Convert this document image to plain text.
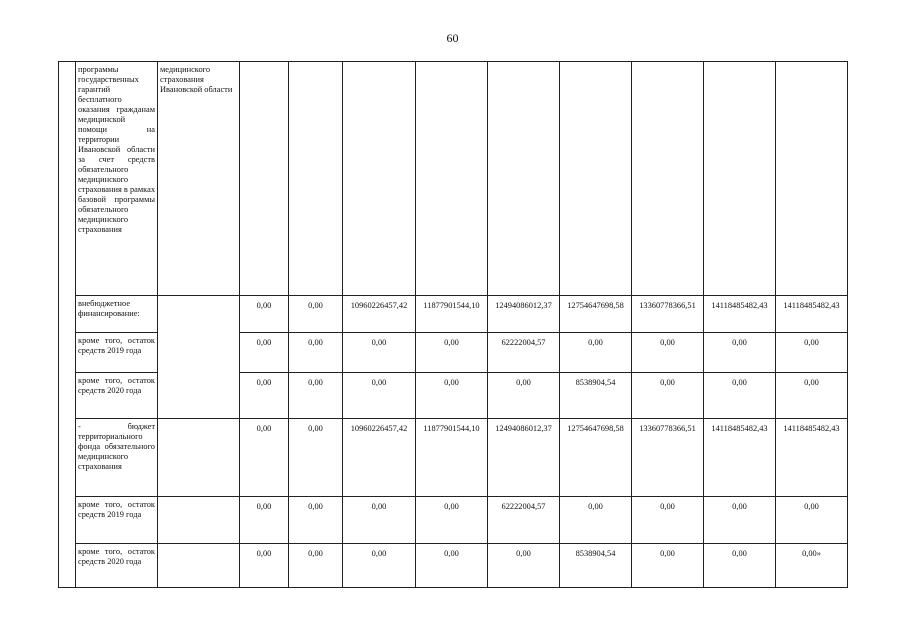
60
	программы государственных гарантий бесплатного оказания гражданам медицинской помощи на территории Ивановской области за счет средств обязательного медицинского страхования в рамках базовой программы обязательного медицинского страхования	медицинского страхования Ивановской области									
	внебюджетное финансирование:		0,00	0,00	10960226457,42	11877901544,10	12494086012,37	12754647698,58	13360778366,51	14118485482,43	14118485482,43
	кроме того, остаток средств 2019 года		0,00	0,00	0,00	0,00	62222004,57	0,00	0,00	0,00	0,00
	кроме того, остаток средств 2020 года		0,00	0,00	0,00	0,00	0,00	8538904,54	0,00	0,00	0,00
	- бюджет территориального фонда обязательного медицинского страхования		0,00	0,00	10960226457,42	11877901544,10	12494086012,37	12754647698,58	13360778366,51	14118485482,43	14118485482,43
	кроме того, остаток средств 2019 года		0,00	0,00	0,00	0,00	62222004,57	0,00	0,00	0,00	0,00
	кроме того, остаток средств 2020 года		0,00	0,00	0,00	0,00	0,00	8538904,54	0,00	0,00	0,00»
